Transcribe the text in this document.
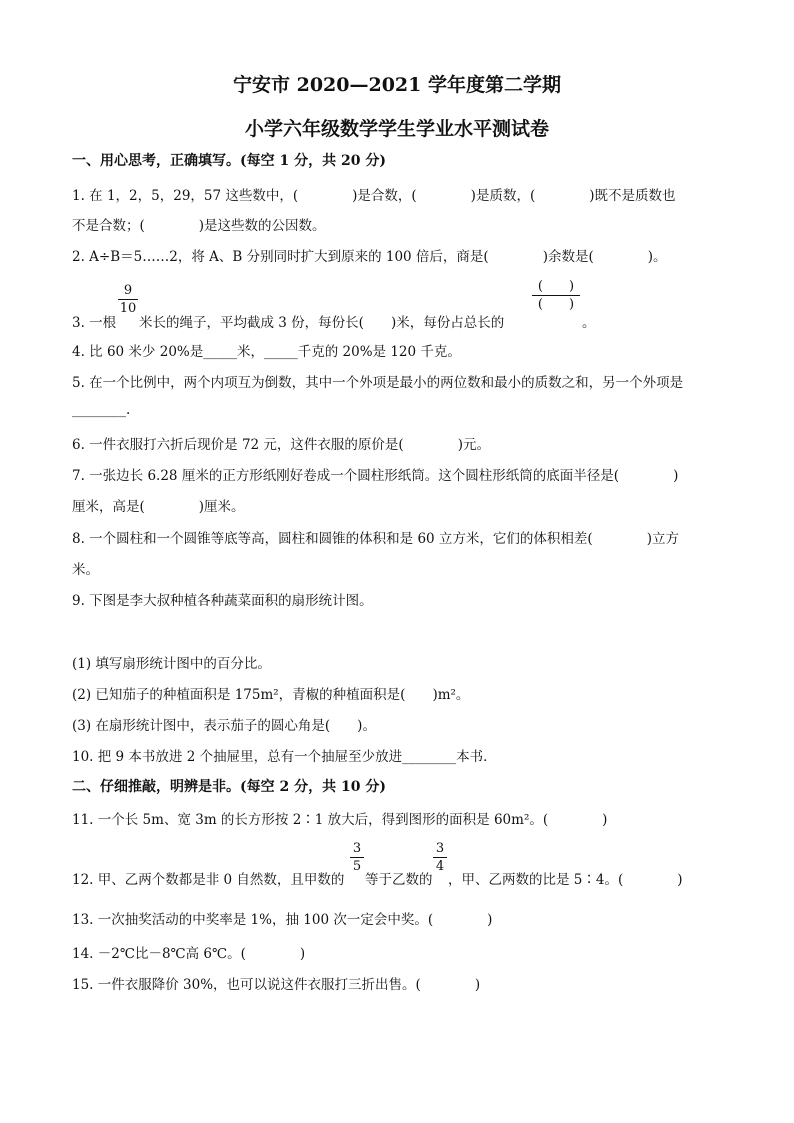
宁安市 2020—2021 学年度第二学期
小学六年级数学学生学业水平测试卷
一、用心思考，正确填写。(每空 1 分，共 20 分)
1. 在 1，2，5，29，57 这些数中，(　　　　)是合数，(　　　　)是质数，(　　　　)既不是质数也
不是合数；(　　　　)是这些数的公因数。
2. A÷B＝5……2，将 A、B 分别同时扩大到原来的 100 倍后，商是(　　　　)余数是(　　　　)。
3. 一根
9
10
米长的绳子，平均截成 3 份，每份长(　　)米，每份占总长的
(　　)
(　　)
。
4. 比 60 米少 20%是_____米，_____千克的 20%是 120 千克。
5. 在一个比例中，两个内项互为倒数，其中一个外项是最小的两位数和最小的质数之和，另一个外项是
________.
6. 一件衣服打六折后现价是 72 元，这件衣服的原价是(　　　　)元。
7. 一张边长 6.28 厘米的正方形纸刚好卷成一个圆柱形纸筒。这个圆柱形纸筒的底面半径是(　　　　)
厘米，高是(　　　　)厘米。
8. 一个圆柱和一个圆锥等底等高，圆柱和圆锥的体积和是 60 立方米，它们的体积相差(　　　　)立方
米。
9. 下图是李大叔种植各种蔬菜面积的扇形统计图。
(1) 填写扇形统计图中的百分比。
(2) 已知茄子的种植面积是 175m²，青椒的种植面积是(　　)m²。
(3) 在扇形统计图中，表示茄子的圆心角是(　　)。
10. 把 9 本书放进 2 个抽屉里，总有一个抽屉至少放进________本书．
二、仔细推敲，明辨是非。(每空 2 分，共 10 分)
11. 一个长 5m、宽 3m 的长方形按 2∶1 放大后，得到图形的面积是 60m²。(　　　　)
12. 甲、乙两个数都是非 0 自然数，且甲数的
3
5
等于乙数的
3
4
，甲、乙两数的比是 5∶4。(　　　　)
13. 一次抽奖活动的中奖率是 1%，抽 100 次一定会中奖。(　　　　)
14. －2℃比－8℃高 6℃。(　　　　)
15. 一件衣服降价 30%，也可以说这件衣服打三折出售。(　　　　)
